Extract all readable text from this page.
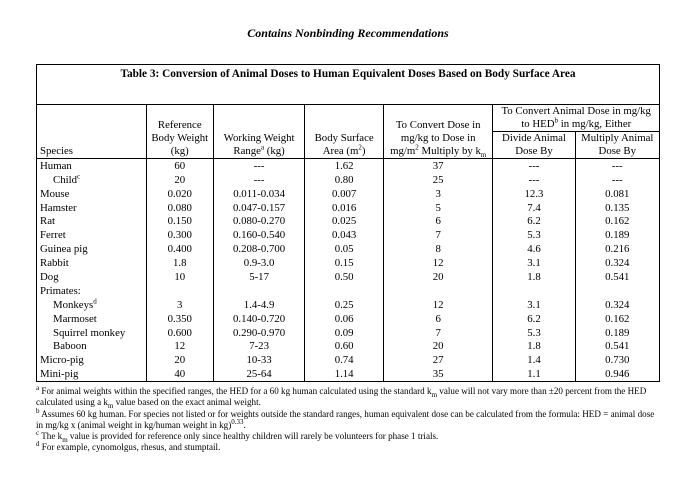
Contains Nonbinding Recommendations
Table 3: Conversion of Animal Doses to Human Equivalent Doses Based on Body Surface Area						
Species	Reference Body Weight (kg)	Working Weight Range$^a$ (kg)	Body Surface Area $(m^2)$	To Convert Dose in mg/kg to Dose in $mg/m^2$ Multiply by $k_m$	To Convert Animal Dose in mg/kg to HED$^b$ in mg/kg, Either	
					Divide Animal Dose By	Multiply Animal Dose By
Human	60	---	1.62	37	---	---
Child$^c$	20	---	0.80	25	---	---
Mouse	0.020	0.011-0.034	0.007	3	12.3	0.081
Hamster	0.080	0.047-0.157	0.016	5	7.4	0.135
Rat	0.150	0.080-0.270	0.025	6	6.2	0.162
Ferret	0.300	0.160-0.540	0.043	7	5.3	0.189
Guinea pig	0.400	0.208-0.700	0.05	8	4.6	0.216
Rabbit	1.8	0.9-3.0	0.15	12	3.1	0.324
Dog	10	5-17	0.50	20	1.8	0.541
Primates:						
Monkeys$^d$	3	1.4-4.9	0.25	12	3.1	0.324
Marmoset	0.350	0.140-0.720	0.06	6	6.2	0.162
Squirrel monkey	0.600	0.290-0.970	0.09	7	5.3	0.189
Baboon	12	7-23	0.60	20	1.8	0.541
Micro-pig	20	10-33	0.74	27	1.4	0.730
Mini-pig	40	25-64	1.14	35	1.1	0.946

$^a$ For animal weights within the specified ranges, the HED for a 60 kg human calculated using the standard $k_m$ value will not vary more than ±20 percent from the HED calculated using a $k_m$ value based on the exact animal weight.

$^b$ Assumes 60 kg human. For species not listed or for weights outside the standard ranges, human equivalent dose can be calculated from the formula: HED = animal dose in mg/kg x (animal weight in kg/human weight in kg)$^{0.33}$.

$^c$ The $k_m$ value is provided for reference only since healthy children will rarely be volunteers for phase 1 trials.

$^d$ For example, cynomolgus, rhesus, and stumptail.
